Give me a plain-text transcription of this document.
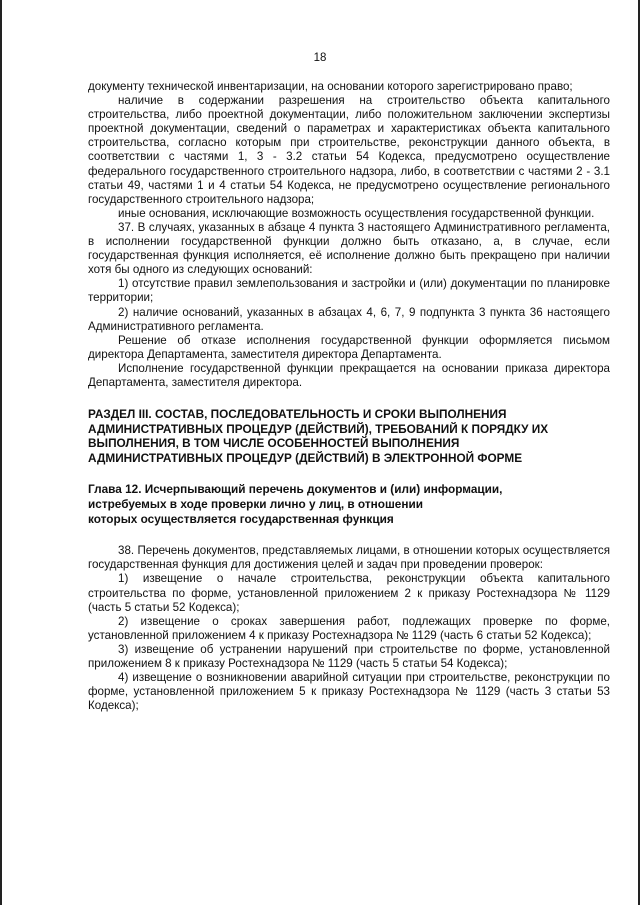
18

документу технической инвентаризации, на основании которого зарегистрировано право;

наличие в содержании разрешения на строительство объекта капитального строительства, либо проектной документации, либо положительном заключении экспертизы проектной документации, сведений о параметрах и характеристиках объекта капитального строительства, согласно которым при строительстве, реконструкции данного объекта, в соответствии с частями 1, 3 - 3.2 статьи 54 Кодекса, предусмотрено осуществление федерального государственного строительного надзора, либо, в соответствии с частями 2 - 3.1 статьи 49, частями 1 и 4 статьи 54 Кодекса, не предусмотрено осуществление регионального государственного строительного надзора;

иные основания, исключающие возможность осуществления государственной функции.

37. В случаях, указанных в абзаце 4 пункта 3 настоящего Административного регламента, в исполнении государственной функции должно быть отказано, а, в случае, если государственная функция исполняется, её исполнение должно быть прекращено при наличии хотя бы одного из следующих оснований:

1) отсутствие правил землепользования и застройки и (или) документации по планировке территории;

2) наличие оснований, указанных в абзацах 4, 6, 7, 9 подпункта 3 пункта 36 настоящего Административного регламента.

Решение об отказе исполнения государственной функции оформляется письмом директора Департамента, заместителя директора Департамента.

Исполнение государственной функции прекращается на основании приказа директора Департамента, заместителя директора.

РАЗДЕЛ III. СОСТАВ, ПОСЛЕДОВАТЕЛЬНОСТЬ И СРОКИ ВЫПОЛНЕНИЯ

АДМИНИСТРАТИВНЫХ ПРОЦЕДУР (ДЕЙСТВИЙ), ТРЕБОВАНИЙ К ПОРЯДКУ ИХ

ВЫПОЛНЕНИЯ, В ТОМ ЧИСЛЕ ОСОБЕННОСТЕЙ ВЫПОЛНЕНИЯ

АДМИНИСТРАТИВНЫХ ПРОЦЕДУР (ДЕЙСТВИЙ) В ЭЛЕКТРОННОЙ ФОРМЕ

Глава 12. Исчерпывающий перечень документов и (или) информации,

истребуемых в ходе проверки лично у лиц, в отношении

которых осуществляется государственная функция

38. Перечень документов, представляемых лицами, в отношении которых осуществляется государственная функция для достижения целей и задач при проведении проверок:

1) извещение о начале строительства, реконструкции объекта капитального строительства по форме, установленной приложением 2 к приказу Ростехнадзора № 1129 (часть 5 статьи 52 Кодекса);

2) извещение о сроках завершения работ, подлежащих проверке по форме, установленной приложением 4 к приказу Ростехнадзора № 1129 (часть 6 статьи 52 Кодекса);

3) извещение об устранении нарушений при строительстве по форме, установленной приложением 8 к приказу Ростехнадзора № 1129 (часть 5 статьи 54 Кодекса);

4) извещение о возникновении аварийной ситуации при строительстве, реконструкции по форме, установленной приложением 5 к приказу Ростехнадзора № 1129 (часть 3 статьи 53 Кодекса);
